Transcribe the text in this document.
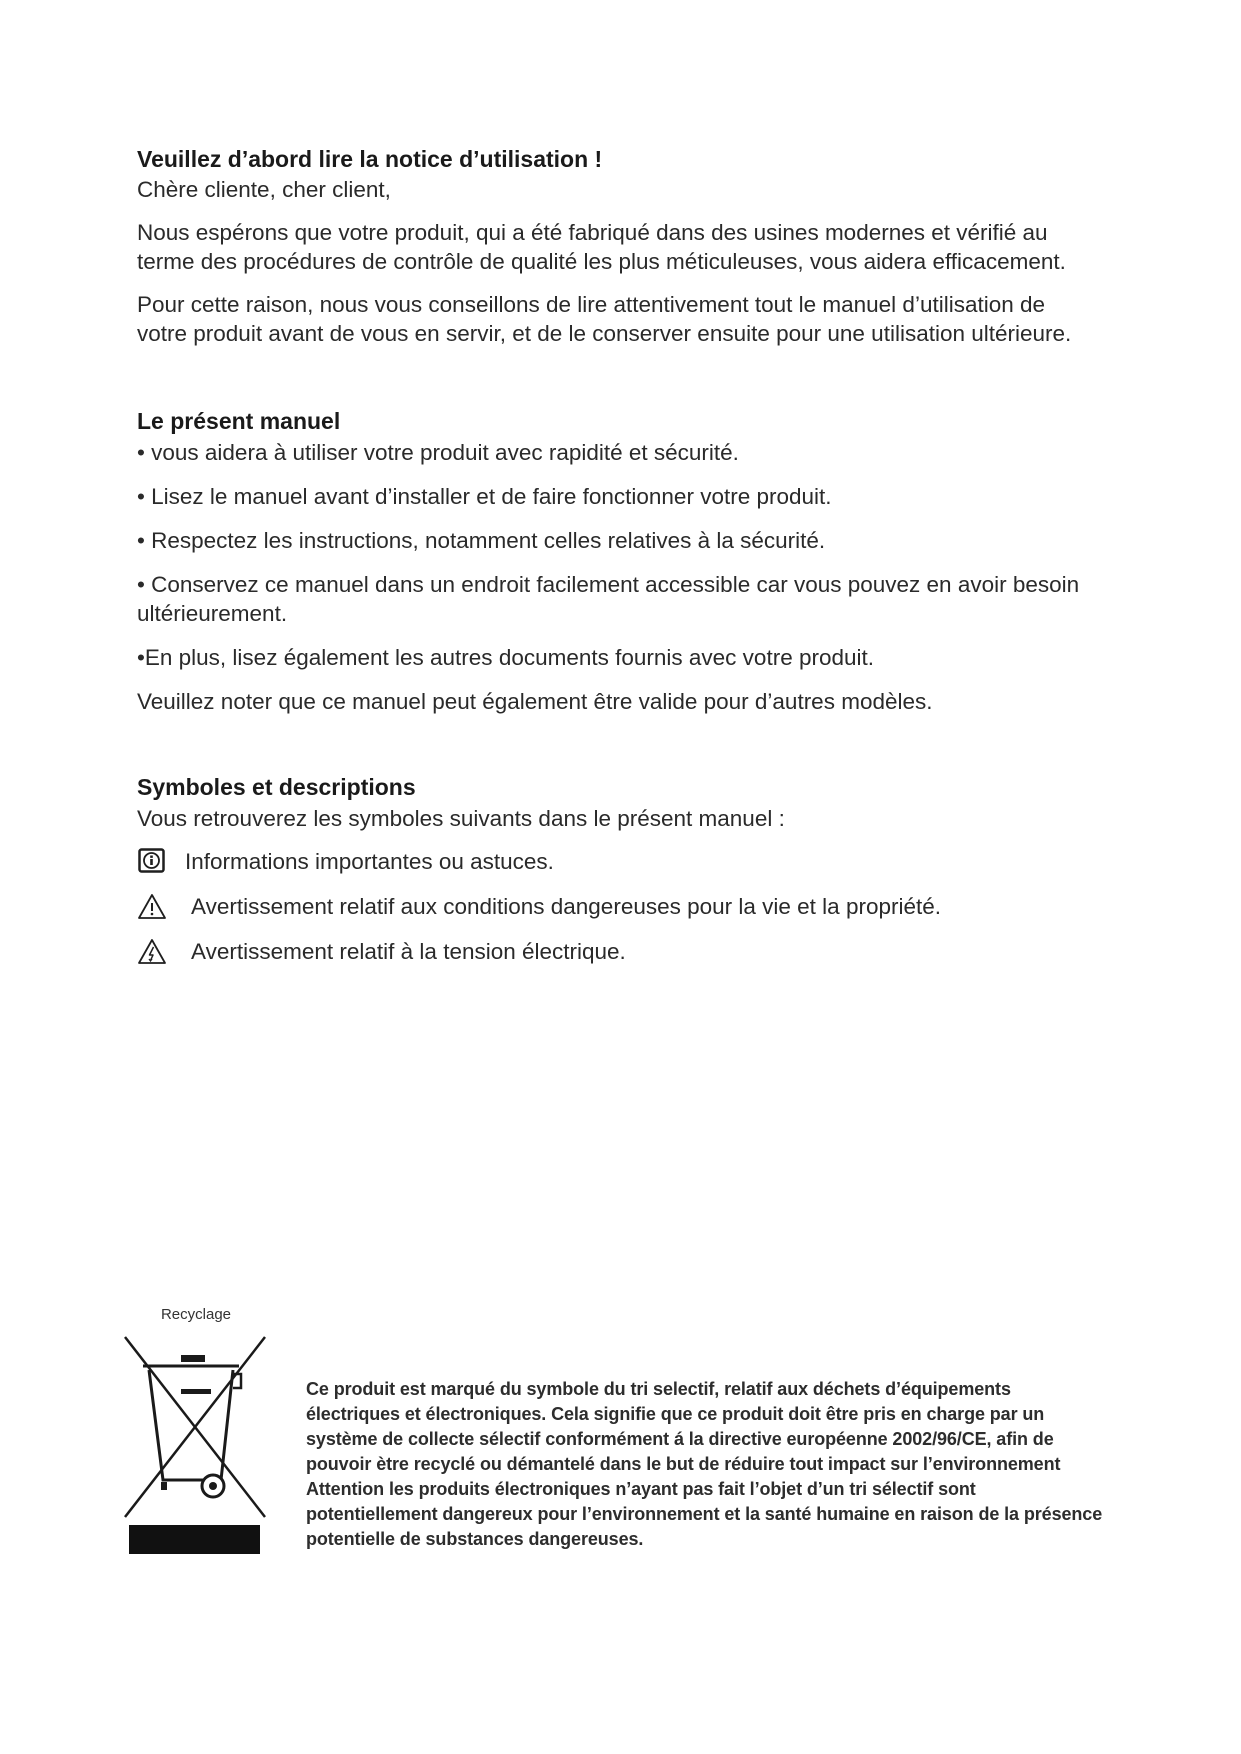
Veuillez d’abord lire la notice d’utilisation !

Chère cliente, cher client,

Nous espérons que votre produit, qui a été fabriqué dans des usines modernes et vérifié au terme des procédures de contrôle de qualité les plus méticuleuses, vous aidera efficacement.

Pour cette raison, nous vous conseillons de lire attentivement tout le manuel d’utilisation de votre produit avant de vous en servir, et de le conserver ensuite pour une utilisation ultérieure.

Le présent manuel

• vous aidera à utiliser votre produit avec rapidité et sécurité.

• Lisez le manuel avant d’installer et de faire fonctionner votre produit.

• Respectez les instructions, notamment celles relatives à la sécurité.

• Conservez ce manuel dans un endroit facilement accessible car vous pouvez en avoir besoin ultérieurement.

•En plus, lisez également les autres documents fournis avec votre produit.

Veuillez noter que ce manuel peut également être valide pour d’autres modèles.

Symboles et descriptions

Vous retrouverez les symboles suivants dans le présent manuel :

Informations importantes ou astuces.
Avertissement relatif aux conditions dangereuses pour la vie et la propriété.
Avertissement relatif à la tension électrique.
Recyclage

Ce produit est marqué du symbole du tri selectif, relatif aux déchets d’équipements électriques et électroniques. Cela signifie que ce produit doit être pris en charge par un système de collecte sélectif conformément á la directive européenne 2002/96/CE, afin de pouvoir ètre recyclé ou démantelé dans le but de réduire tout impact sur l’environnement Attention les produits électroniques n’ayant pas fait l’objet d’un tri sélectif sont potentiellement dangereux pour l’environnement et la santé humaine en raison de la présence potentielle de substances dangereuses.
